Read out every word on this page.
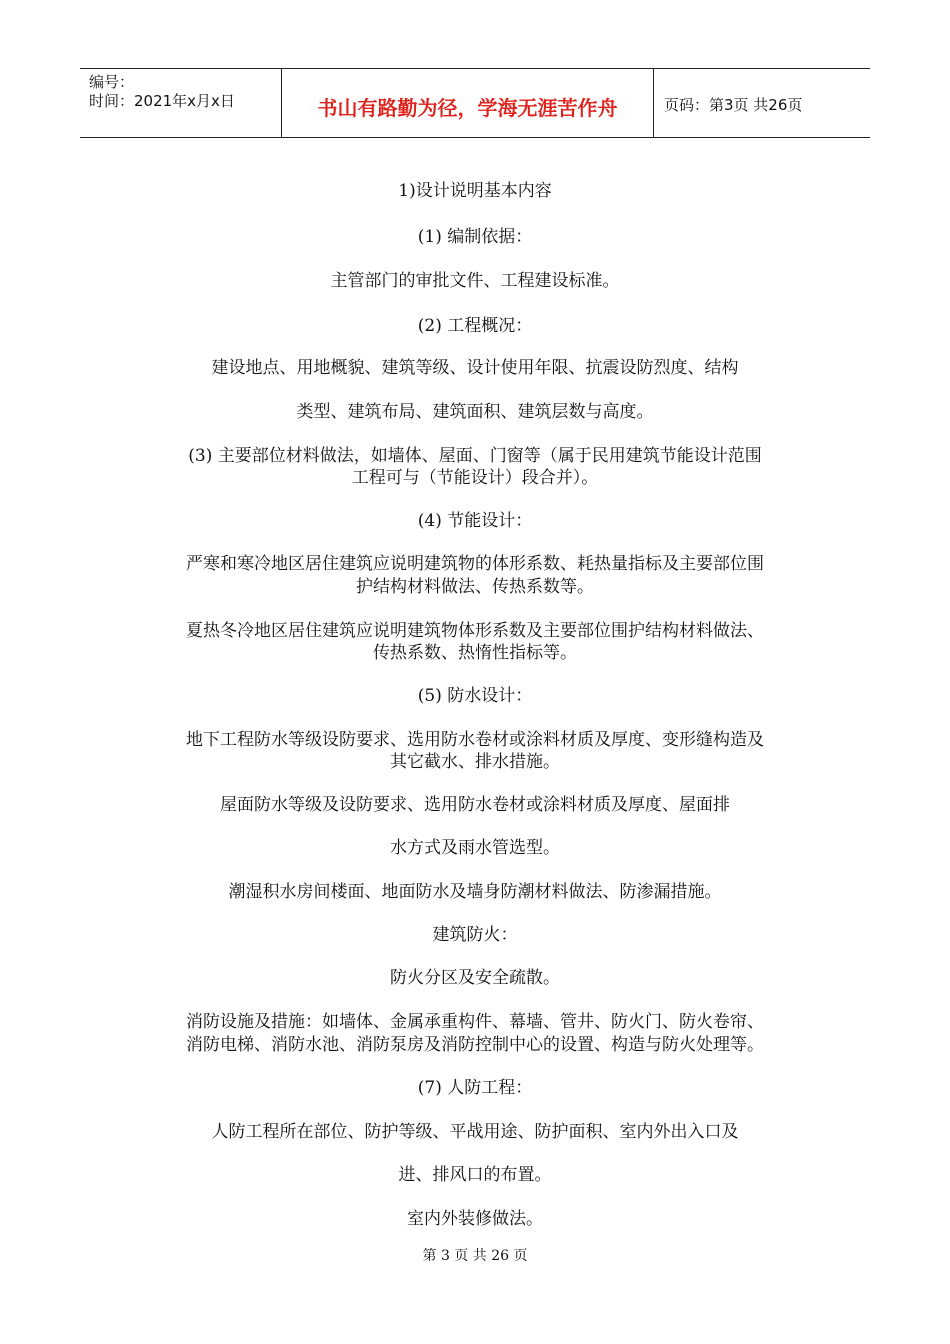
编号：
时间：2021年x月x日	书山有路勤为径，学海无涯苦作舟	页码：第3页 共26页
1)设计说明基本内容
(1) 编制依据：
主管部门的审批文件、工程建设标准。
(2) 工程概况：
建设地点、用地概貌、建筑等级、设计使用年限、抗震设防烈度、结构
类型、建筑布局、建筑面积、建筑层数与高度。
(3) 主要部位材料做法，如墙体、屋面、门窗等（属于民用建筑节能设计范围
工程可与（节能设计）段合并）。
(4) 节能设计：
严寒和寒冷地区居住建筑应说明建筑物的体形系数、耗热量指标及主要部位围
护结构材料做法、传热系数等。
夏热冬冷地区居住建筑应说明建筑物体形系数及主要部位围护结构材料做法、
传热系数、热惰性指标等。
(5) 防水设计：
地下工程防水等级设防要求、选用防水卷材或涂料材质及厚度、变形缝构造及
其它截水、排水措施。
屋面防水等级及设防要求、选用防水卷材或涂料材质及厚度、屋面排
水方式及雨水管选型。
潮湿积水房间楼面、地面防水及墙身防潮材料做法、防渗漏措施。
建筑防火：
防火分区及安全疏散。
消防设施及措施：如墙体、金属承重构件、幕墙、管井、防火门、防火卷帘、
消防电梯、消防水池、消防泵房及消防控制中心的设置、构造与防火处理等。
(7) 人防工程：
人防工程所在部位、防护等级、平战用途、防护面积、室内外出入口及
进、排风口的布置。
室内外装修做法。
第 3 页 共 26 页
